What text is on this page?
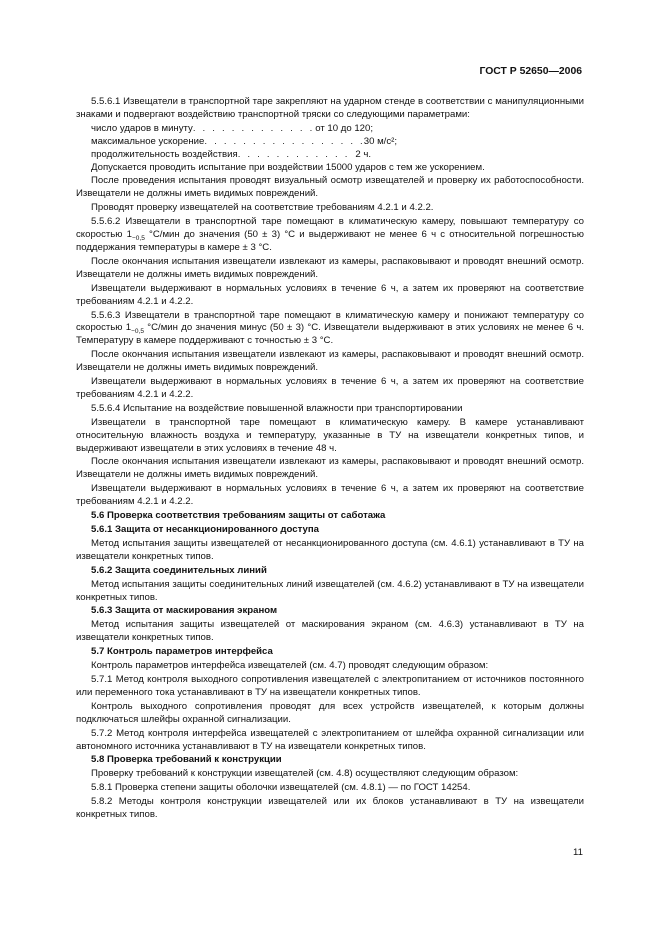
ГОСТ Р 52650—2006

5.5.6.1 Извещатели в транспортной таре закрепляют на ударном стенде в соответствии с манипуляционными знаками и подвергают воздействию транспортной тряски со следующими параметрами:

число ударов в минуту . . .	от 10 до 120;
максимальное ускорение . . .	30 м/с²;
продолжительность воздействия . . .	2 ч.

Допускается проводить испытание при воздействии 15000 ударов с тем же ускорением.

После проведения испытания проводят визуальный осмотр извещателей и проверку их работоспособности. Извещатели не должны иметь видимых повреждений.

Проводят проверку извещателей на соответствие требованиям 4.2.1 и 4.2.2.

5.5.6.2 Извещатели в транспортной таре помещают в климатическую камеру, повышают температуру со скоростью $1_{-0,5}$ °С/мин до значения (50 ± 3) °С и выдерживают не менее 6 ч с относительной погрешностью поддержания температуры в камере ± 3 °С.

После окончания испытания извещатели извлекают из камеры, распаковывают и проводят внешний осмотр. Извещатели не должны иметь видимых повреждений.

Извещатели выдерживают в нормальных условиях в течение 6 ч, а затем их проверяют на соответствие требованиям 4.2.1 и 4.2.2.

5.5.6.3 Извещатели в транспортной таре помещают в климатическую камеру и понижают температуру со скоростью $1_{-0,5}$ °С/мин до значения минус (50 ± 3) °С. Извещатели выдерживают в этих условиях не менее 6 ч. Температуру в камере поддерживают с точностью ± 3 °С.

После окончания испытания извещатели извлекают из камеры, распаковывают и проводят внешний осмотр. Извещатели не должны иметь видимых повреждений.

Извещатели выдерживают в нормальных условиях в течение 6 ч, а затем их проверяют на соответствие требованиям 4.2.1 и 4.2.2.

5.5.6.4 Испытание на воздействие повышенной влажности при транспортировании

Извещатели в транспортной таре помещают в климатическую камеру. В камере устанавливают относительную влажность воздуха и температуру, указанные в ТУ на извещатели конкретных типов, и выдерживают извещатели в этих условиях в течение 48 ч.

После окончания испытания извещатели извлекают из камеры, распаковывают и проводят внешний осмотр. Извещатели не должны иметь видимых повреждений.

Извещатели выдерживают в нормальных условиях в течение 6 ч, а затем их проверяют на соответствие требованиям 4.2.1 и 4.2.2.

5.6 Проверка соответствия требованиям защиты от саботажа

5.6.1 Защита от несанкционированного доступа

Метод испытания защиты извещателей от несанкционированного доступа (см. 4.6.1) устанавливают в ТУ на извещатели конкретных типов.

5.6.2 Защита соединительных линий

Метод испытания защиты соединительных линий извещателей (см. 4.6.2) устанавливают в ТУ на извещатели конкретных типов.

5.6.3 Защита от маскирования экраном

Метод испытания защиты извещателей от маскирования экраном (см. 4.6.3) устанавливают в ТУ на извещатели конкретных типов.

5.7 Контроль параметров интерфейса

Контроль параметров интерфейса извещателей (см. 4.7) проводят следующим образом:

5.7.1 Метод контроля выходного сопротивления извещателей с электропитанием от источников постоянного или переменного тока устанавливают в ТУ на извещатели конкретных типов.

Контроль выходного сопротивления проводят для всех устройств извещателей, к которым должны подключаться шлейфы охранной сигнализации.

5.7.2 Метод контроля интерфейса извещателей с электропитанием от шлейфа охранной сигнализации или автономного источника устанавливают в ТУ на извещатели конкретных типов.

5.8 Проверка требований к конструкции

Проверку требований к конструкции извещателей (см. 4.8) осуществляют следующим образом:

5.8.1 Проверка степени защиты оболочки извещателей (см. 4.8.1) — по ГОСТ 14254.

5.8.2 Методы контроля конструкции извещателей или их блоков устанавливают в ТУ на извещатели конкретных типов.

11
